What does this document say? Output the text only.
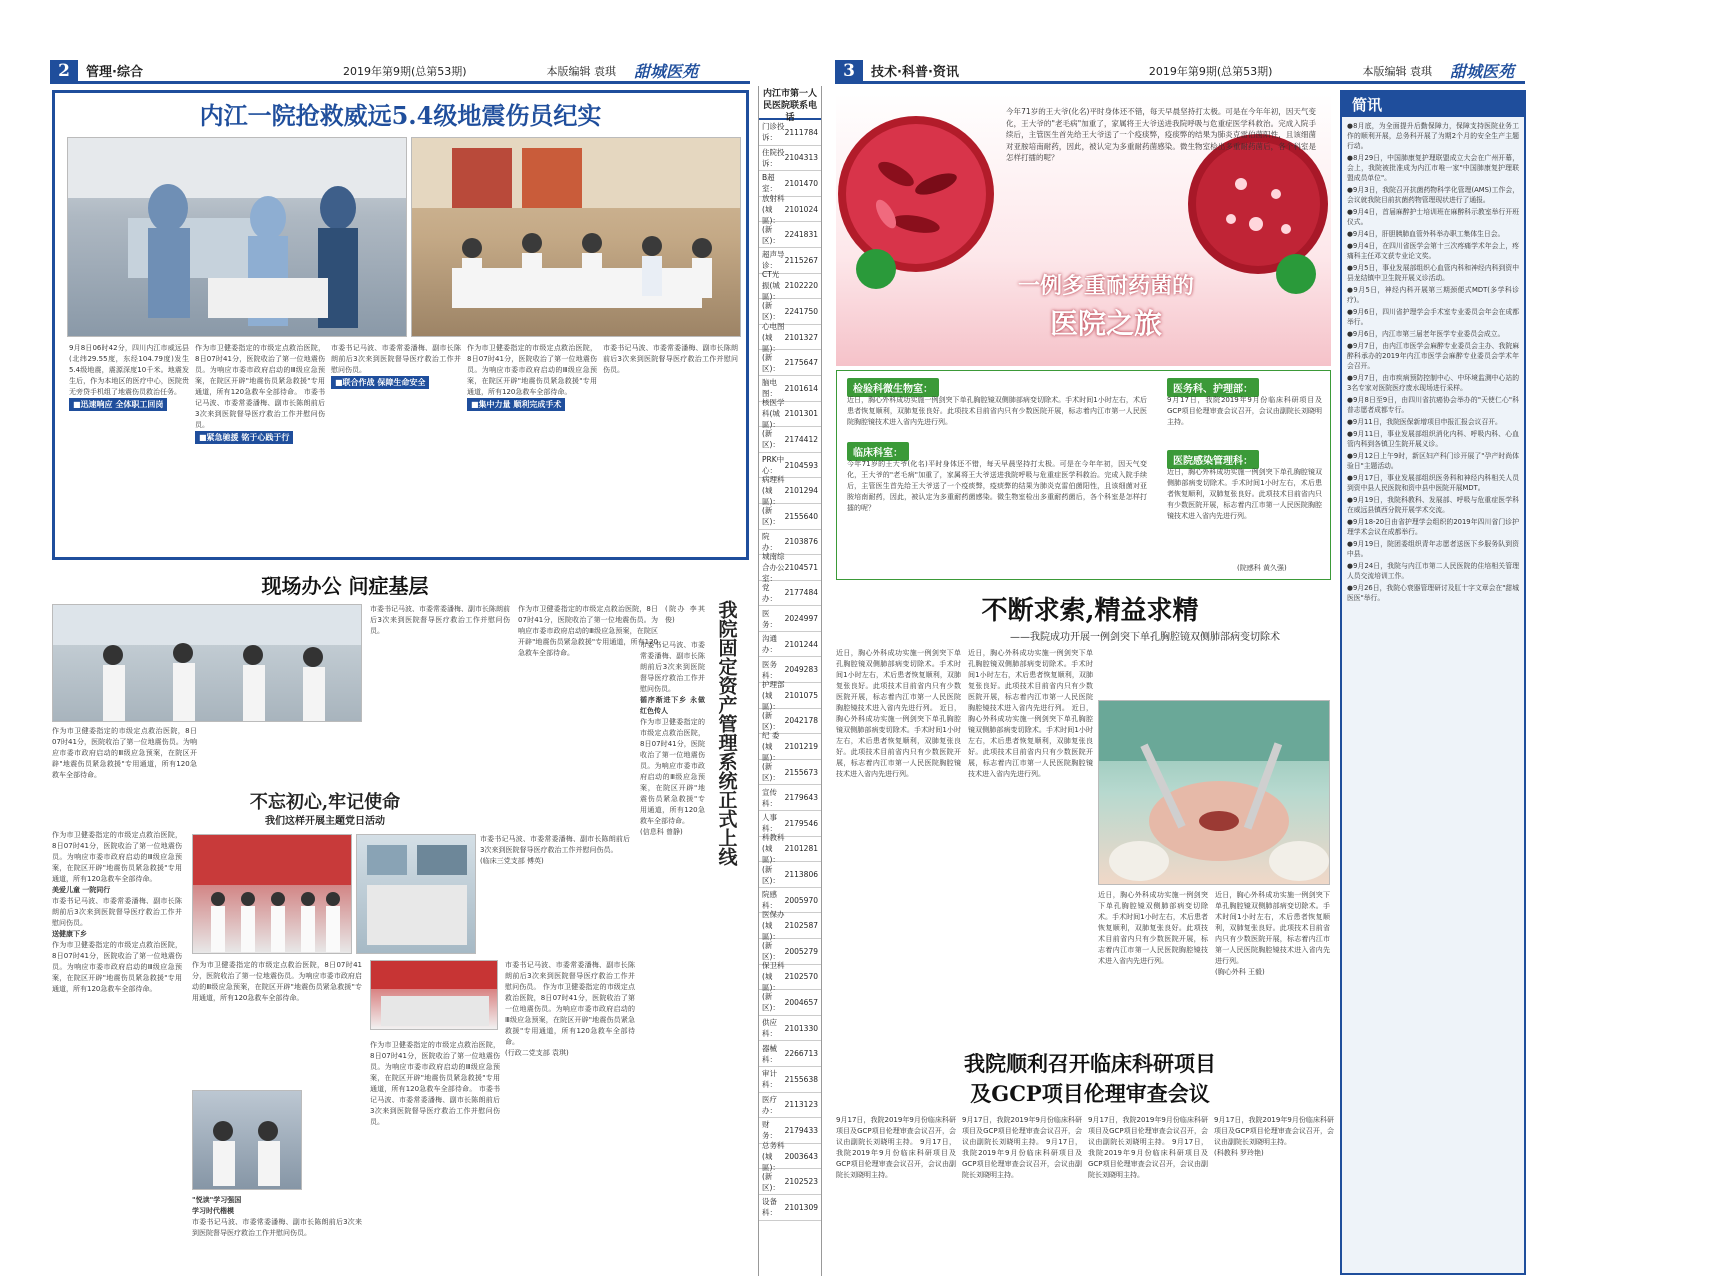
2	管理·综合	2019年第9期(总第53期)	本版编辑 袁琪 甜城医苑
内江一院抢救威远5.4级地震伤员纪实
9月8日06时42分，四川内江市威远县(北纬29.55度，东经104.79度)发生5.4级地震，震源深度10千米。地震发生后，作为本地区的医疗中心，医院贵无旁贷手机组了地震伤员救治任务。
■迅速响应 全体职工回岗
作为市卫健委指定的市级定点救治医院，8日07时41分，医院收治了第一位地震伤员。为响应市委市政府启动的Ⅲ级应急预案，在院区开辟"地震伤员紧急救援"专用通道，所有120急救车全部待命。 市委书记马波、市委常委潘梅、副市长陈朗前后3次来到医院督导医疗救治工作并慰问伤员。
■紧急驰援 铭于心践于行
市委书记马波、市委常委潘梅、副市长陈朗前后3次来到医院督导医疗救治工作并慰问伤员。
■联合作战 保障生命安全
作为市卫健委指定的市级定点救治医院，8日07时41分，医院收治了第一位地震伤员。为响应市委市政府启动的Ⅲ级应急预案，在院区开辟"地震伤员紧急救援"专用通道，所有120急救车全部待命。
■集中力量 顺利完成手术
市委书记马波、市委常委潘梅、副市长陈朗前后3次来到医院督导医疗救治工作并慰问伤员。
现场办公 问症基层
作为市卫健委指定的市级定点救治医院，8日07时41分，医院收治了第一位地震伤员。为响应市委市政府启动的Ⅲ级应急预案，在院区开辟"地震伤员紧急救援"专用通道，所有120急救车全部待命。
市委书记马波、市委常委潘梅、副市长陈朗前后3次来到医院督导医疗救治工作并慰问伤员。
作为市卫健委指定的市级定点救治医院，8日07时41分，医院收治了第一位地震伤员。为响应市委市政府启动的Ⅲ级应急预案，在院区开辟"地震伤员紧急救援"专用通道，所有120急救车全部待命。
(院办 李其俊)	我院固定资产管理系统正式上线
市委书记马波、市委常委潘梅、副市长陈朗前后3次来到医院督导医疗救治工作并慰问伤员。
循序渐进下乡 永做红色传人
作为市卫健委指定的市级定点救治医院，8日07时41分，医院收治了第一位地震伤员。为响应市委市政府启动的Ⅲ级应急预案，在院区开辟"地震伤员紧急救援"专用通道，所有120急救车全部待命。
(信息科 曾静)
不忘初心,牢记使命
我们这样开展主题党日活动
作为市卫健委指定的市级定点救治医院，8日07时41分，医院收治了第一位地震伤员。为响应市委市政府启动的Ⅲ级应急预案，在院区开辟"地震伤员紧急救援"专用通道，所有120急救车全部待命。
美爱儿童 一院同行
市委书记马波、市委常委潘梅、副市长陈朗前后3次来到医院督导医疗救治工作并慰问伤员。
送健康下乡
作为市卫健委指定的市级定点救治医院，8日07时41分，医院收治了第一位地震伤员。为响应市委市政府启动的Ⅲ级应急预案，在院区开辟"地震伤员紧急救援"专用通道，所有120急救车全部待命。
市委书记马波、市委常委潘梅、副市长陈朗前后3次来到医院督导医疗救治工作并慰问伤员。
(临床三党支部 傅英)
作为市卫健委指定的市级定点救治医院，8日07时41分，医院收治了第一位地震伤员。为响应市委市政府启动的Ⅲ级应急预案，在院区开辟"地震伤员紧急救援"专用通道，所有120急救车全部待命。
"悦读"学习强国
学习时代楷模
市委书记马波、市委常委潘梅、副市长陈朗前后3次来到医院督导医疗救治工作并慰问伤员。
作为市卫健委指定的市级定点救治医院，8日07时41分，医院收治了第一位地震伤员。为响应市委市政府启动的Ⅲ级应急预案，在院区开辟"地震伤员紧急救援"专用通道，所有120急救车全部待命。 市委书记马波、市委常委潘梅、副市长陈朗前后3次来到医院督导医疗救治工作并慰问伤员。
市委书记马波、市委常委潘梅、副市长陈朗前后3次来到医院督导医疗救治工作并慰问伤员。 作为市卫健委指定的市级定点救治医院，8日07时41分，医院收治了第一位地震伤员。为响应市委市政府启动的Ⅲ级应急预案，在院区开辟"地震伤员紧急救援"专用通道，所有120急救车全部待命。
(行政二党支部 袁琪)
内江市第一人民医院联系电话
门诊投诉：
2111784
住院投诉：
2104313
B超室：
2101470
放射科(城 區)：
2101024
(新 区)：
2241831
超声导诊：
2115267
CT光振(城 區)：
2102220
(新 区)：
2241750
心电图(城 區)：
2101327
(新 区)：
2175647
脑电图：
2101614
核医学科(城 區)：
2101301
(新 区)：
2174412
PRK中心：
2104593
病理科(城 區)：
2101294
(新 区)：
2155640
院 办：
2103876
城南综合办公室：
2104571
党 办：
2177484
医 务：
2024997
沟通办：
2101244
医务科：
2049283
护理部(城 區)：
2101075
(新 区)：
2042178
纪 委(城 區)：
2101219
(新 区)：
2155673
宣传科：
2179643
人事科：
2179546
科教科(城 區)：
2101281
(新 区)：
2113806
院感科：
2005970
医保办(城 區)：
2102587
(新 区)：
2005279
保卫科(城 區)：
2102570
(新 区)：
2004657
供应科：
2101330
器械科：
2266713
审计科：
2155638
医疗办：
2113123
财 务：
2179433
总务科(城 區)：
2003643
(新 区)：
2102523
设备科：
2101309
3	技术·科普·资讯	2019年第9期(总第53期)	本版编辑 袁琪 甜城医苑
今年71岁的王大爷(化名)平时身体还不错，每天早晨坚持打太极。可是在今年年初，因天气变化，王大爷的"老毛病"加重了，家属将王大爷送进我院呼吸与危重症医学科救治。完成入院手续后，主管医生首先给王大爷送了一个疫痰弊，疫痰弊的结果为肺炎克雷伯菌阳性，且该细菌对亚胺培南耐药，因此，被认定为多重耐药菌感染。微生物室检出多重耐药菌后，各个科室是怎样打擂的呢？
一例多重耐药菌的
医院之旅
检验科微生物室：
近日，胸心外科成功实施一例剑突下单孔胸腔镜双侧肺部病变切除术。手术时间1小时左右，术后患者恢复顺利，双肺复张良好。此项技术目前省内只有少数医院开展，标志着内江市第一人民医院胸腔镜技术进入省内先进行列。
临床科室：
今年71岁的王大爷(化名)平时身体还不错，每天早晨坚持打太极。可是在今年年初，因天气变化，王大爷的"老毛病"加重了，家属将王大爷送进我院呼吸与危重症医学科救治。完成入院手续后，主管医生首先给王大爷送了一个疫痰弊，疫痰弊的结果为肺炎克雷伯菌阳性，且该细菌对亚胺培南耐药，因此，被认定为多重耐药菌感染。微生物室检出多重耐药菌后，各个科室是怎样打擂的呢？
医务科、护理部：
9月17日，我院2019年9月份临床科研项目及GCP项目伦理审查会议召开，会议由副院长刘晓明主持。
医院感染管理科：
近日，胸心外科成功实施一例剑突下单孔胸腔镜双侧肺部病变切除术。手术时间1小时左右，术后患者恢复顺利，双肺复张良好。此项技术目前省内只有少数医院开展，标志着内江市第一人民医院胸腔镜技术进入省内先进行列。
(院感科 黄久强)
不断求索,精益求精
——我院成功开展一例剑突下单孔胸腔镜双侧肺部病变切除术
近日，胸心外科成功实施一例剑突下单孔胸腔镜双侧肺部病变切除术。手术时间1小时左右，术后患者恢复顺利，双肺复张良好。此项技术目前省内只有少数医院开展，标志着内江市第一人民医院胸腔镜技术进入省内先进行列。 近日，胸心外科成功实施一例剑突下单孔胸腔镜双侧肺部病变切除术。手术时间1小时左右，术后患者恢复顺利，双肺复张良好。此项技术目前省内只有少数医院开展，标志着内江市第一人民医院胸腔镜技术进入省内先进行列。
近日，胸心外科成功实施一例剑突下单孔胸腔镜双侧肺部病变切除术。手术时间1小时左右，术后患者恢复顺利，双肺复张良好。此项技术目前省内只有少数医院开展，标志着内江市第一人民医院胸腔镜技术进入省内先进行列。 近日，胸心外科成功实施一例剑突下单孔胸腔镜双侧肺部病变切除术。手术时间1小时左右，术后患者恢复顺利，双肺复张良好。此项技术目前省内只有少数医院开展，标志着内江市第一人民医院胸腔镜技术进入省内先进行列。
近日，胸心外科成功实施一例剑突下单孔胸腔镜双侧肺部病变切除术。手术时间1小时左右，术后患者恢复顺利，双肺复张良好。此项技术目前省内只有少数医院开展，标志着内江市第一人民医院胸腔镜技术进入省内先进行列。
近日，胸心外科成功实施一例剑突下单孔胸腔镜双侧肺部病变切除术。手术时间1小时左右，术后患者恢复顺利，双肺复张良好。此项技术目前省内只有少数医院开展，标志着内江市第一人民医院胸腔镜技术进入省内先进行列。
(胸心外科 王毅)
我院顺利召开临床科研项目
及GCP项目伦理审查会议
9月17日，我院2019年9月份临床科研项目及GCP项目伦理审查会议召开，会议由副院长刘晓明主持。 9月17日，我院2019年9月份临床科研项目及GCP项目伦理审查会议召开，会议由副院长刘晓明主持。
9月17日，我院2019年9月份临床科研项目及GCP项目伦理审查会议召开，会议由副院长刘晓明主持。 9月17日，我院2019年9月份临床科研项目及GCP项目伦理审查会议召开，会议由副院长刘晓明主持。
9月17日，我院2019年9月份临床科研项目及GCP项目伦理审查会议召开，会议由副院长刘晓明主持。 9月17日，我院2019年9月份临床科研项目及GCP项目伦理审查会议召开，会议由副院长刘晓明主持。
9月17日，我院2019年9月份临床科研项目及GCP项目伦理审查会议召开，会议由副院长刘晓明主持。
(科教科 罗玲艳)
简讯
●8月底，为全面提升后勤保障力，保障支持医院业务工作的顺利开展，总务科开展了为期2个月的安全生产主题行动。
●8月29日，中国肺康复护理联盟成立大会在广州开幕，会上，我院被批准成为内江市唯一家"中国肺康复护理联盟成员单位"。
●9月3日，我院召开抗菌药物科学化管理(AMS)工作会，会议就我院目前抗菌药物管理现状进行了通报。
●9月4日，首届麻醉护士培训班在麻醉科示教室举行开班仪式。
●9月4日，肝胆胰肺血管外科举办职工集体生日会。
●9月4日，在四川省医学会第十三次疼痛学术年会上，疼痛科主任邓文获专业论文奖。
●9月5日，事业发展部组织心血管内科和神经内科到资中县龙结镇中卫生院开展义诊活动。
●9月5日，神经内科开展第三期颈便式MDT(多学科诊疗)。
●9月6日，四川省护理学会手术室专业委员会年会在成都举行。
●9月6日，内江市第三届老年医学专业委员会成立。
●9月7日，由内江市医学会麻醉专业委员会主办、我院麻醉科承办的2019年内江市医学会麻醉专业委员会学术年会召开。
●9月7日，由市疾病预防控制中心、中环境监测中心站的3名专家对医院医疗废水现场进行采样。
●9月8日至9日，由四川省抗癌协会举办的"天使仁心"科普志愿者成都专行。
●9月11日，我院医保新增项目申报汇报会议召开。
●9月11日，事业发展部组织消化内科、呼吸内科、心血管内科到各镇卫生院开展义诊。
●9月12日上午9时，新区妇产科门诊开展了"孕产时尚体验日"主题活动。
●9月17日，事业发展部组织医务科和神经内科相关人员到资中县人民医院和资中县中医院开展MDT。
●9月19日，我院科教科、发展部、呼吸与危重症医学科在威远县镇西分院开展学术交流。
●9月18-20日由省护理学会组织的2019年四川省门诊护理学术会议在成都举行。
●9月19日，院团委组织青年志愿者送医下乡服务队到资中县。
●9月24日，我院与内江市第二人民医院的住培相关管理人员交流培训工作。
●9月26日，我院心衰器管理研讨及肛十字文章会在"甜城医医"举行。
